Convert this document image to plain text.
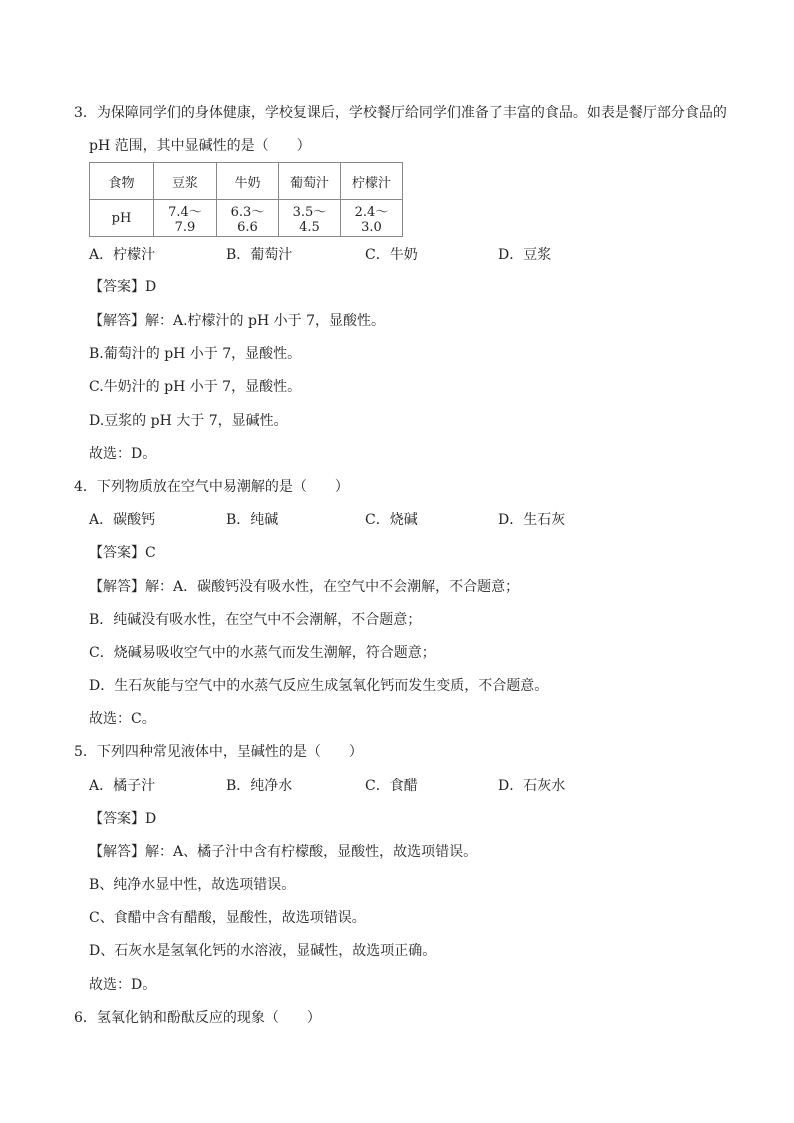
3．为保障同学们的身体健康，学校复课后，学校餐厅给同学们准备了丰富的食品。如表是餐厅部分食品的
pH 范围，其中显碱性的是（　　）
食物	豆浆	牛奶	葡萄汁	柠檬汁
pH	7.4～7.9	6.3～6.6	3.5～4.5	2.4～3.0
A．柠檬汁	B．葡萄汁	C．牛奶	D．豆浆
【答案】D
【解答】解：A.柠檬汁的 pH 小于 7，显酸性。
B.葡萄汁的 pH 小于 7，显酸性。
C.牛奶汁的 pH 小于 7，显酸性。
D.豆浆的 pH 大于 7，显碱性。
故选：D。
4．下列物质放在空气中易潮解的是（　　）
A．碳酸钙	B．纯碱	C．烧碱	D．生石灰
【答案】C
【解答】解：A．碳酸钙没有吸水性，在空气中不会潮解，不合题意；
B．纯碱没有吸水性，在空气中不会潮解，不合题意；
C．烧碱易吸收空气中的水蒸气而发生潮解，符合题意；
D．生石灰能与空气中的水蒸气反应生成氢氧化钙而发生变质，不合题意。
故选：C。
5．下列四种常见液体中，呈碱性的是（　　）
A．橘子汁	B．纯净水	C．食醋	D．石灰水
【答案】D
【解答】解：A、橘子汁中含有柠檬酸，显酸性，故选项错误。
B、纯净水显中性，故选项错误。
C、食醋中含有醋酸，显酸性，故选项错误。
D、石灰水是氢氧化钙的水溶液，显碱性，故选项正确。
故选：D。
6．氢氧化钠和酚酞反应的现象（　　）
